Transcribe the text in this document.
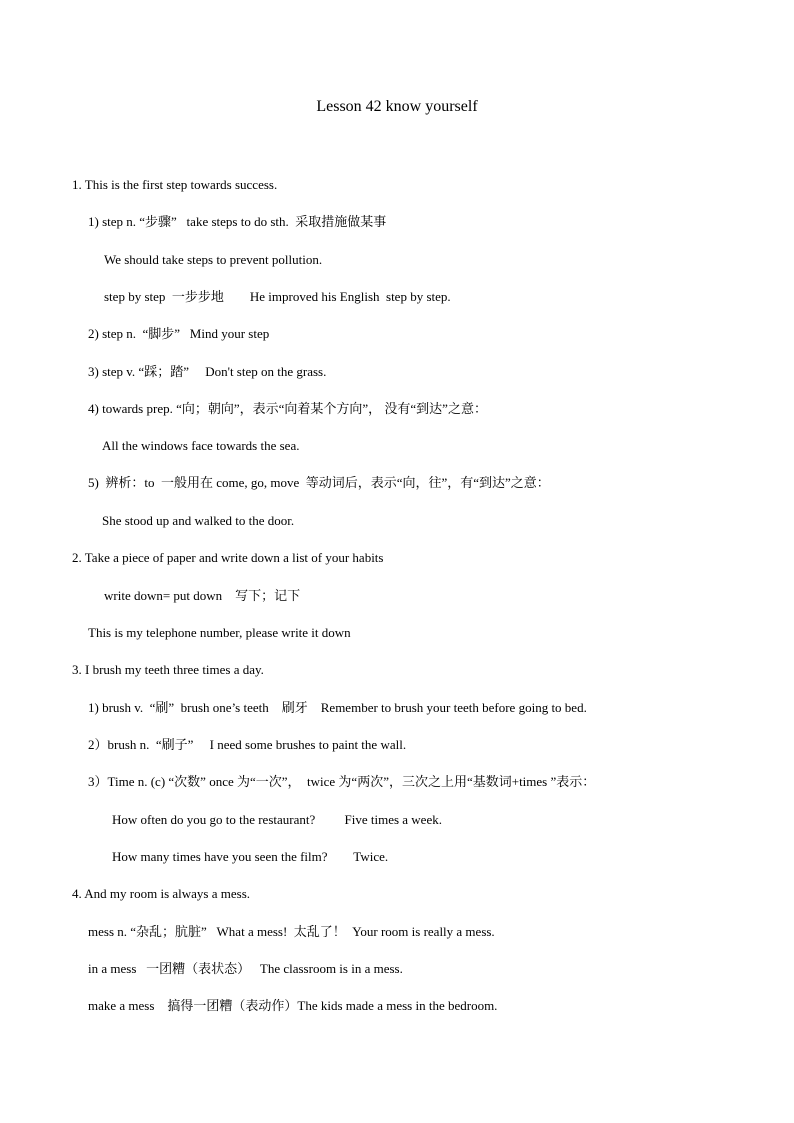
Lesson 42 know yourself
1. This is the first step towards success.
1) step n. “步骤”   take steps to do sth.  采取措施做某事
We should take steps to prevent pollution.
step by step  一步步地        He improved his English  step by step.
2) step n.  “脚步”   Mind your step
3) step v. “踩；踏”     Don't step on the grass.
4) towards prep. “向；朝向”，表示“向着某个方向”， 没有“到达”之意：
All the windows face towards the sea.
5)  辨析：to  一般用在 come, go, move  等动词后，表示“向，往”，有“到达”之意：
She stood up and walked to the door.
2. Take a piece of paper and write down a list of your habits
write down= put down    写下；记下
This is my telephone number, please write it down
3. I brush my teeth three times a day.
1) brush v.  “刷”  brush one’s teeth    刷牙    Remember to brush your teeth before going to bed.
2）brush n.  “刷子”     I need some brushes to paint the wall.
3）Time n. (c) “次数” once 为“一次”，  twice 为“两次”，三次之上用“基数词+times ”表示：
How often do you go to the restaurant?         Five times a week.
How many times have you seen the film?        Twice.
4. And my room is always a mess.
mess n. “杂乱；肮脏”   What a mess!  太乱了！  Your room is really a mess.
in a mess   一团糟（表状态）   The classroom is in a mess.
make a mess    搞得一团糟（表动作）The kids made a mess in the bedroom.
